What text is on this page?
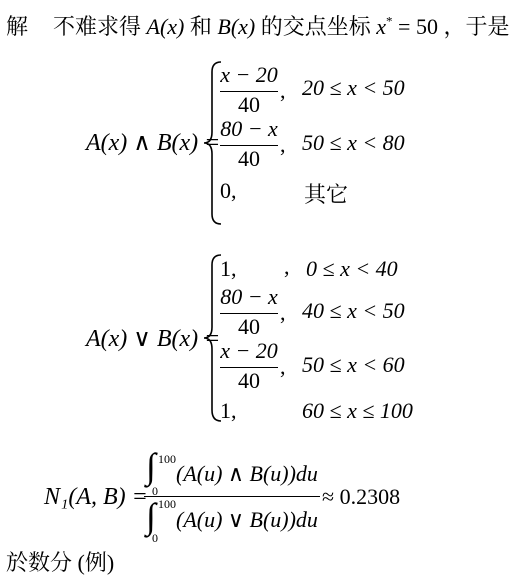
解 不难求得 A(x) 和 B(x) 的交点坐标 x* = 50 ，于是
A(x) ∧ B(x) =
x − 20
40
, 20 ≤ x < 50
80 − x
40
, 50 ≤ x < 80
0,	其它
A(x) ∨ B(x) =
1, , 0 ≤ x < 40
80 − x
40
, 40 ≤ x < 50
x − 20
40
, 50 ≤ x < 60
1,	60 ≤ x ≤ 100
N₁(A, B) =
∫ 100
0
(A(u) ∧ B(u))du
∫ 100
0
(A(u) ∨ B(u))du
≈ 0.2308
於数分 (例)
